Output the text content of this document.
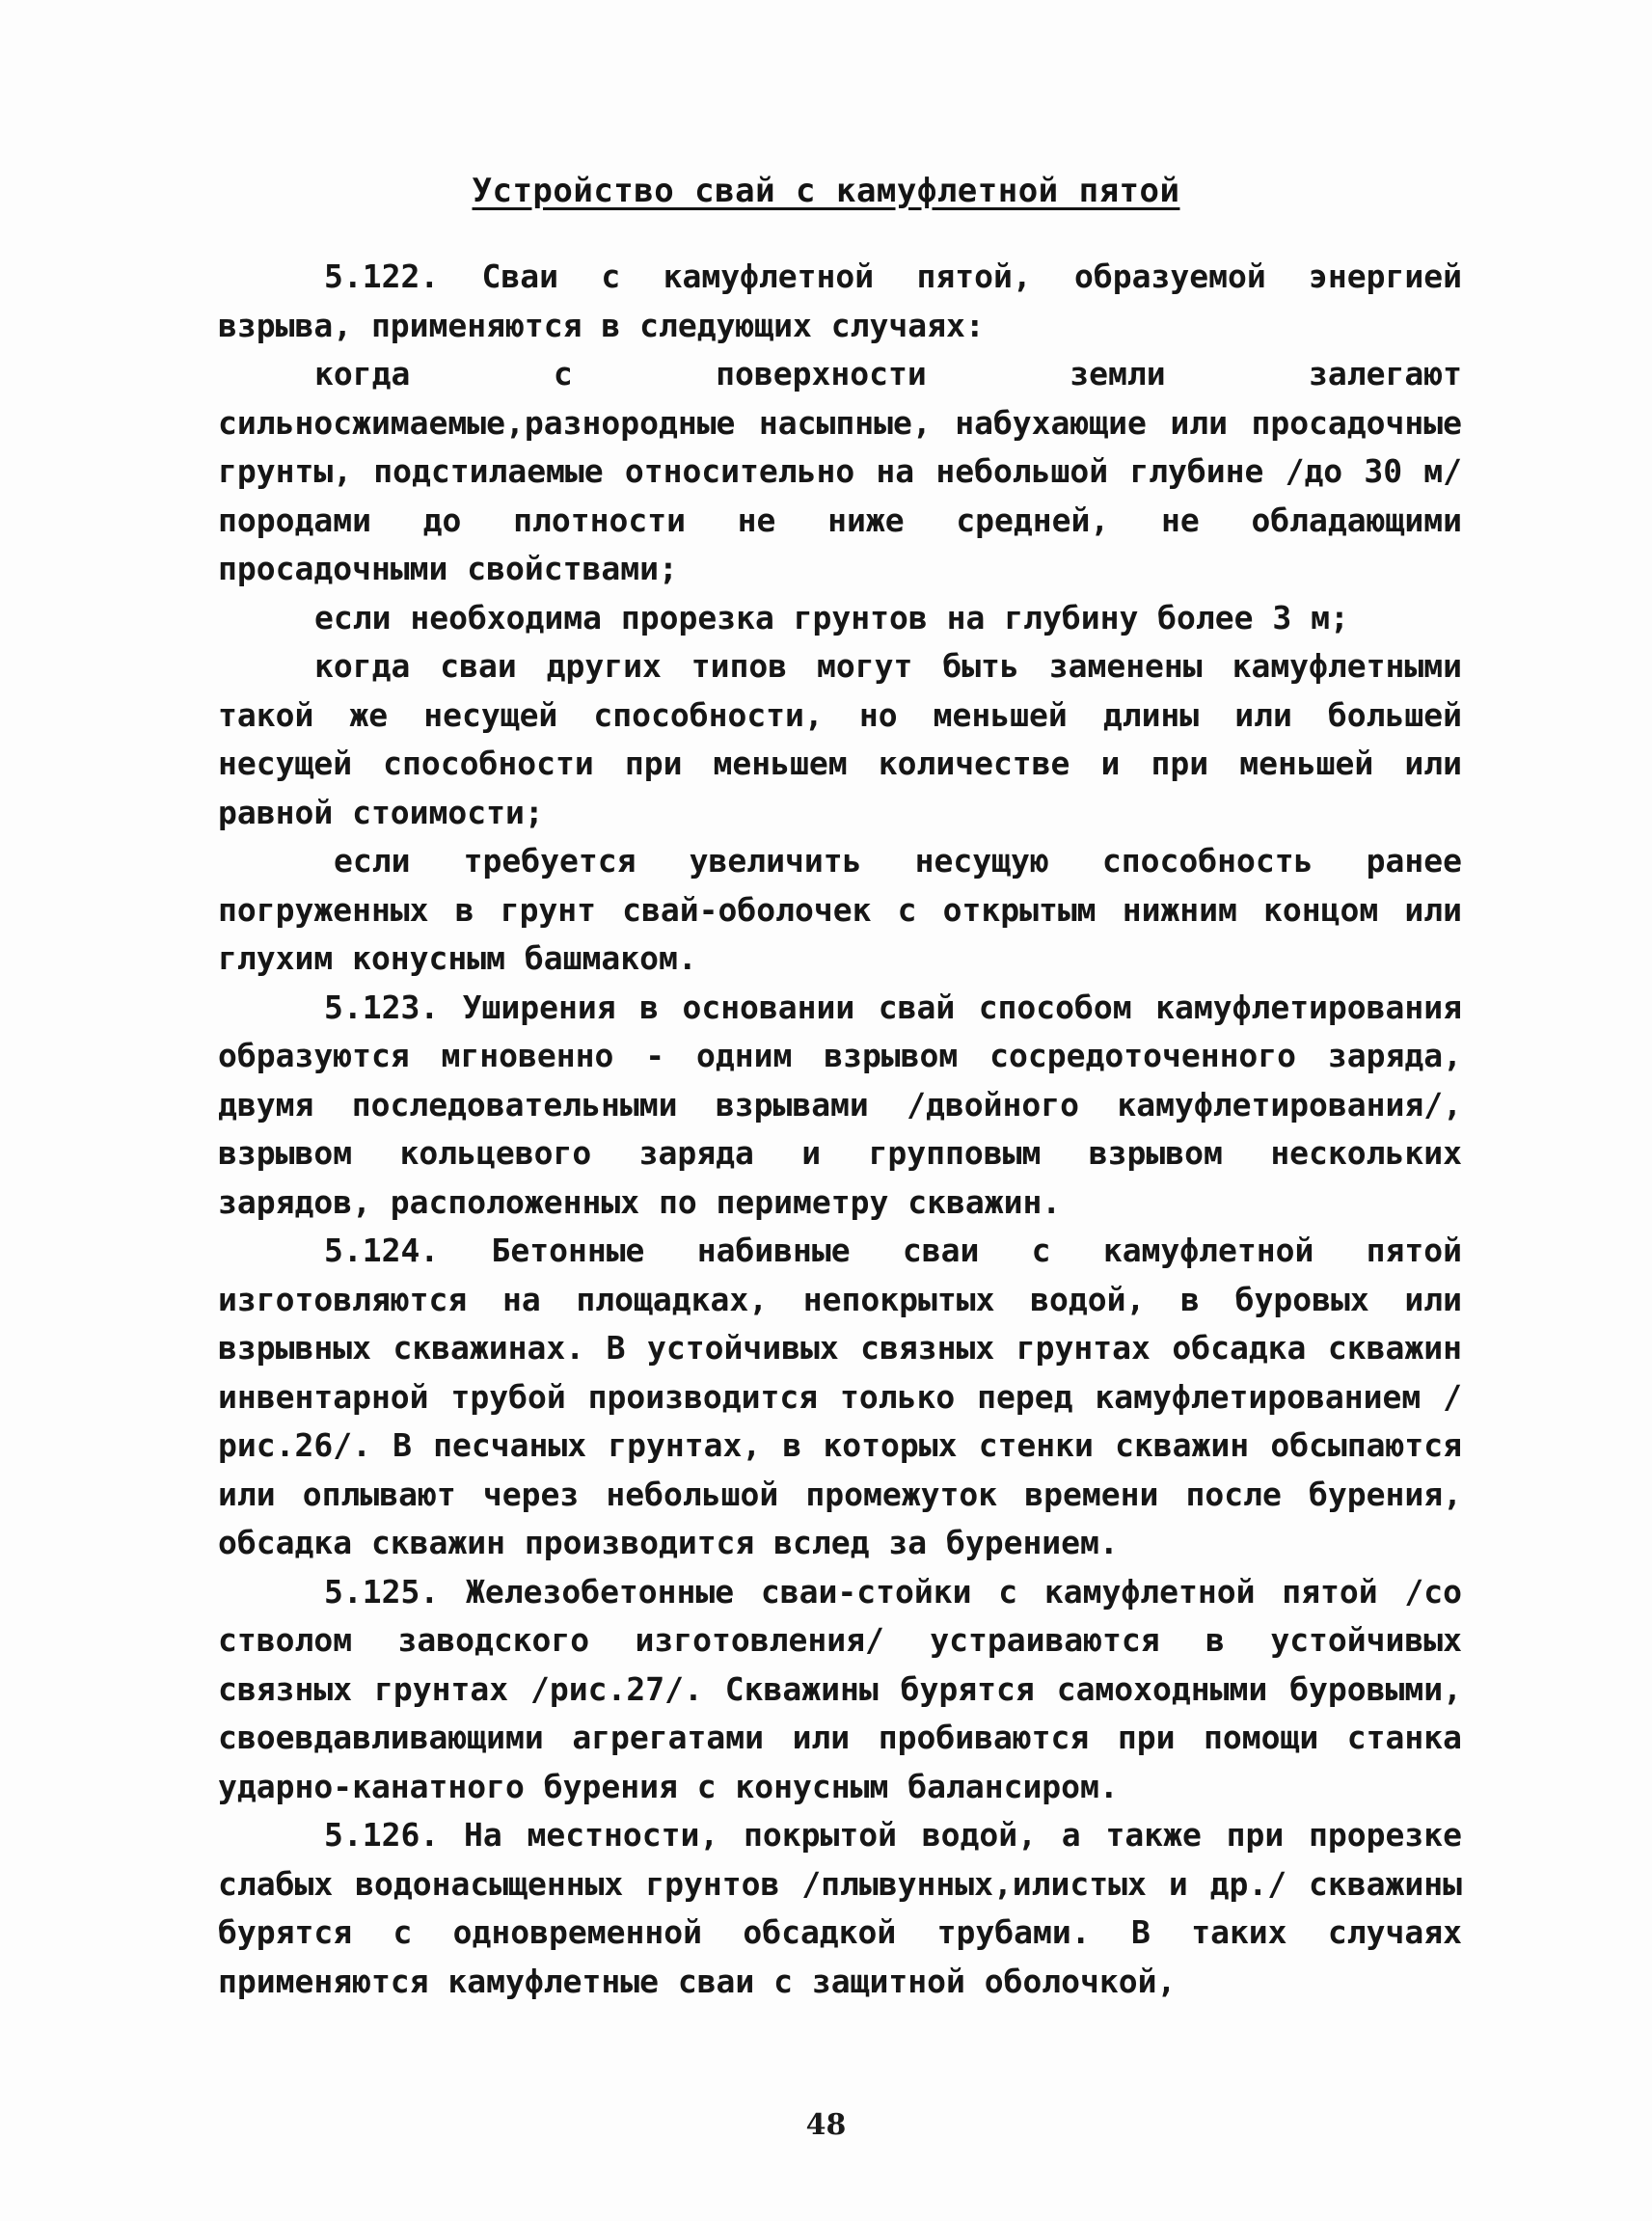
Устройство свай с камуфлетной пятой

5.122. Сваи с камуфлетной пятой, образуемой энергией взрыва, применяются в следующих случаях:

когда с поверхности земли залегают сильносжимаемые,разнородные насыпные, набухающие или просадочные грунты, подстилаемые относительно на небольшой глубине /до 30 м/ породами до плотности не ниже средней, не обладающими просадочными свойствами;

если необходима прорезка грунтов на глубину более 3 м;

когда сваи других типов могут быть заменены камуфлетными такой же несущей способности, но меньшей длины или большей несущей способности при меньшем количестве и при меньшей или равной стоимости;

если требуется увеличить несущую способность ранее погруженных в грунт свай-оболочек с открытым нижним концом или глухим конусным башмаком.

5.123. Уширения в основании свай способом камуфлетирования образуются мгновенно - одним взрывом сосредоточенного заряда, двумя последовательными взрывами /двойного камуфлетирования/, взрывом кольцевого заряда и групповым взрывом нескольких зарядов, расположенных по периметру скважин.

5.124. Бетонные набивные сваи с камуфлетной пятой изготовляются на площадках, непокрытых водой, в буровых или взрывных скважинах. В устойчивых связных грунтах обсадка скважин инвентарной трубой производится только перед камуфлетированием /рис.26/. В песчаных грунтах, в которых стенки скважин обсыпаются или оплывают через небольшой промежуток времени после бурения, обсадка скважин производится вслед за бурением.

5.125. Железобетонные сваи-стойки с камуфлетной пятой /со стволом заводского изготовления/ устраиваются в устойчивых связных грунтах /рис.27/. Скважины бурятся самоходными буровыми, своевдавливающими агрегатами или пробиваются при помощи станка ударно-канатного бурения с конусным балансиром.

5.126. На местности, покрытой водой, а также при прорезке слабых водонасыщенных грунтов /плывунных,илистых и др./ скважины бурятся с одновременной обсадкой трубами. В таких случаях применяются камуфлетные сваи с защитной оболочкой,

48
